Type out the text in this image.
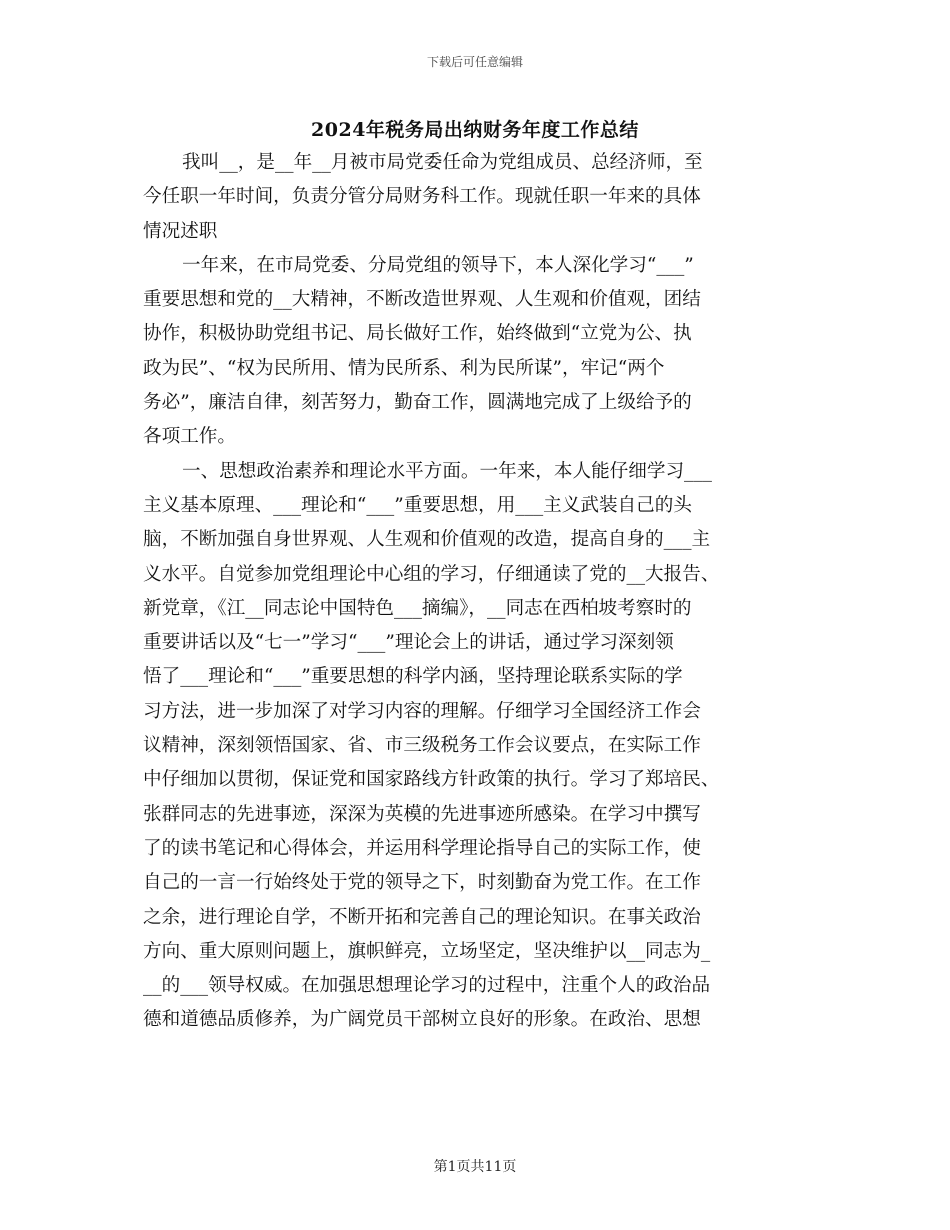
下载后可任意编辑
2024年税务局出纳财务年度工作总结
我叫__，是__年__月被市局党委任命为党组成员、总经济师，至
今任职一年时间，负责分管分局财务科工作。现就任职一年来的具体
情况述职
一年来，在市局党委、分局党组的领导下，本人深化学习“___”
重要思想和党的__大精神，不断改造世界观、人生观和价值观，团结
协作，积极协助党组书记、局长做好工作，始终做到“立党为公、执
政为民”、“权为民所用、情为民所系、利为民所谋”，牢记“两个
务必”，廉洁自律，刻苦努力，勤奋工作，圆满地完成了上级给予的
各项工作。
一、思想政治素养和理论水平方面。一年来，本人能仔细学习___
主义基本原理、___理论和“___”重要思想，用___主义武装自己的头
脑，不断加强自身世界观、人生观和价值观的改造，提高自身的___主
义水平。自觉参加党组理论中心组的学习，仔细通读了党的__大报告、
新党章，《江__同志论中国特色___摘编》，__同志在西柏坡考察时的
重要讲话以及“七一”学习“___”理论会上的讲话，通过学习深刻领
悟了___理论和“___”重要思想的科学内涵，坚持理论联系实际的学
习方法，进一步加深了对学习内容的理解。仔细学习全国经济工作会
议精神，深刻领悟国家、省、市三级税务工作会议要点，在实际工作
中仔细加以贯彻，保证党和国家路线方针政策的执行。学习了郑培民、
张群同志的先进事迹，深深为英模的先进事迹所感染。在学习中撰写
了的读书笔记和心得体会，并运用科学理论指导自己的实际工作，使
自己的一言一行始终处于党的领导之下，时刻勤奋为党工作。在工作
之余，进行理论自学，不断开拓和完善自己的理论知识。在事关政治
方向、重大原则问题上，旗帜鲜亮，立场坚定，坚决维护以__同志为_
__的___领导权威。在加强思想理论学习的过程中，注重个人的政治品
德和道德品质修养，为广阔党员干部树立良好的形象。在政治、思想
第1页共11页
